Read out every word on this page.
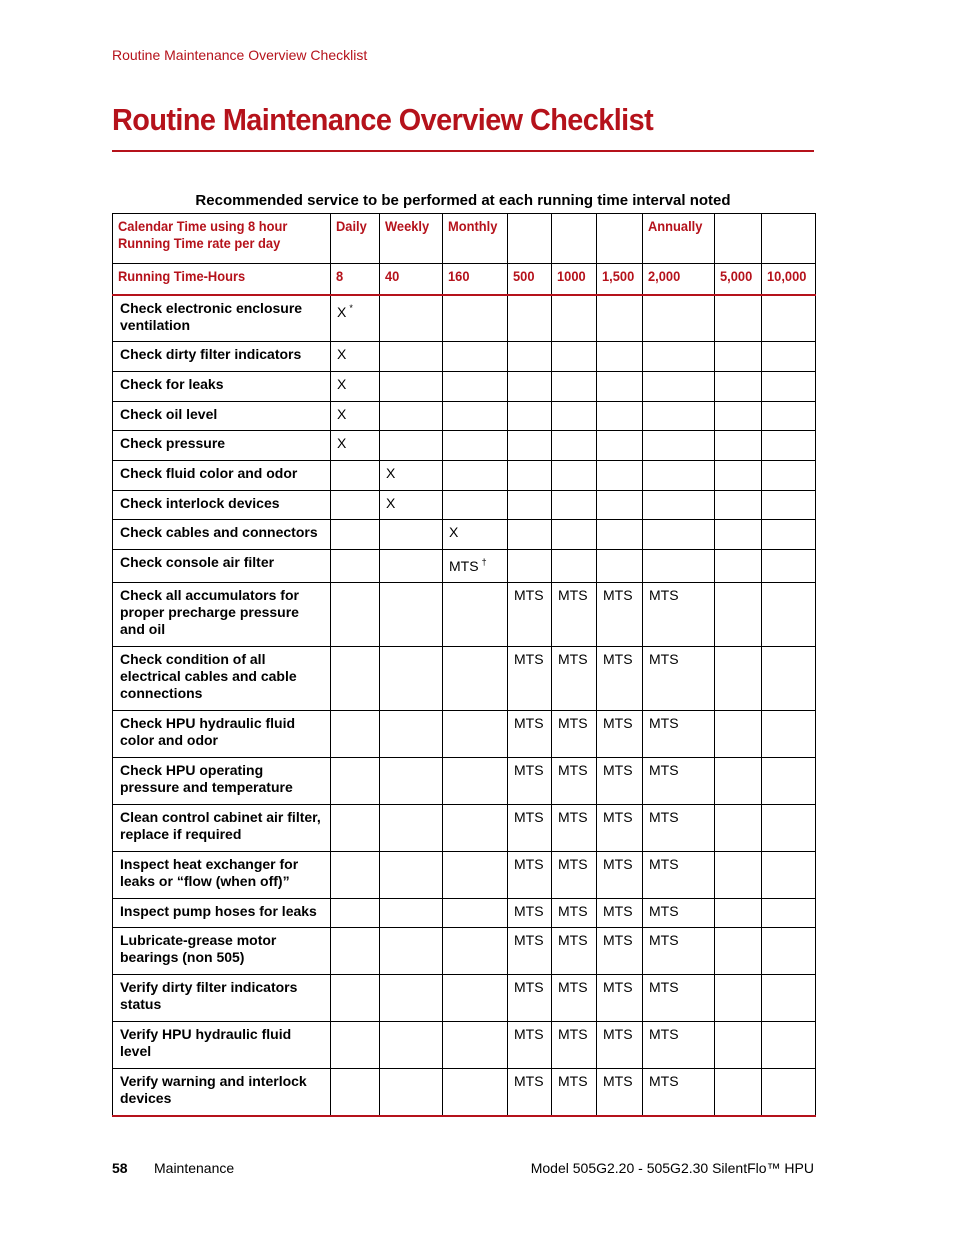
Routine Maintenance Overview Checklist
Routine Maintenance Overview Checklist
Recommended service to be performed at each running time interval noted
Calendar Time using 8 hour Running Time rate per day	Daily	Weekly	Monthly				Annually		
Running Time-Hours	8	40	160	500	1000	1,500	2,000	5,000	10,000
Check electronic enclosure ventilation	X *								
Check dirty filter indicators	X								
Check for leaks	X								
Check oil level	X								
Check pressure	X								
Check fluid color and odor		X							
Check interlock devices		X							
Check cables and connectors			X						
Check console air filter			MTS †						
Check all accumulators for proper precharge pressure and oil				MTS	MTS	MTS	MTS		
Check condition of all electrical cables and cable connections				MTS	MTS	MTS	MTS		
Check HPU hydraulic fluid color and odor				MTS	MTS	MTS	MTS		
Check HPU operating pressure and temperature				MTS	MTS	MTS	MTS		
Clean control cabinet air filter, replace if required				MTS	MTS	MTS	MTS		
Inspect heat exchanger for leaks or “flow (when off)”				MTS	MTS	MTS	MTS		
Inspect pump hoses for leaks				MTS	MTS	MTS	MTS		
Lubricate-grease motor bearings (non 505)				MTS	MTS	MTS	MTS		
Verify dirty filter indicators status				MTS	MTS	MTS	MTS		
Verify HPU hydraulic fluid level				MTS	MTS	MTS	MTS		
Verify warning and interlock devices				MTS	MTS	MTS	MTS		
58 Maintenance	Model 505G2.20 - 505G2.30 SilentFlo™ HPU
